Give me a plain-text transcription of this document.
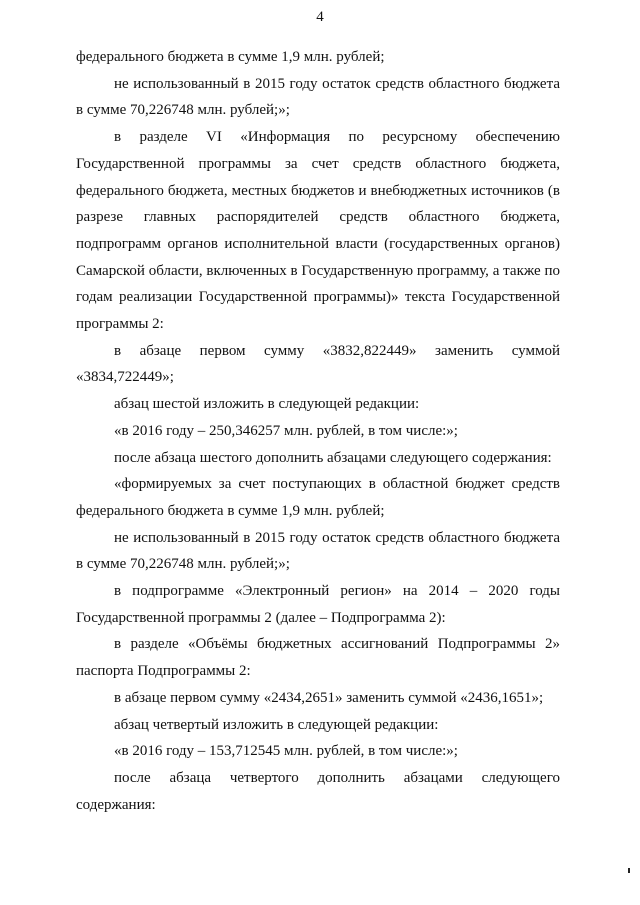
4

федерального бюджета в сумме 1,9 млн. рублей;

не использованный в 2015 году остаток средств областного бюджета в сумме 70,226748 млн. рублей;»;

в разделе VI «Информация по ресурсному обеспечению Государственной программы за счет средств областного бюджета, федерального бюджета, местных бюджетов и внебюджетных источников (в разрезе главных распорядителей средств областного бюджета, подпрограмм органов исполнительной власти (государственных органов) Самарской области, включенных в Государственную программу, а также по годам реализации Государственной программы)» текста Государственной программы 2:

в абзаце первом сумму «3832,822449» заменить суммой «3834,722449»;

абзац шестой изложить в следующей редакции:

«в 2016 году – 250,346257 млн. рублей, в том числе:»;

после абзаца шестого дополнить абзацами следующего содержания:

«формируемых за счет поступающих в областной бюджет средств федерального бюджета в сумме 1,9 млн. рублей;

не использованный в 2015 году остаток средств областного бюджета в сумме 70,226748 млн. рублей;»;

в подпрограмме «Электронный регион» на 2014 – 2020 годы Государственной программы 2 (далее – Подпрограмма 2):

в разделе «Объёмы бюджетных ассигнований Подпрограммы 2» паспорта Подпрограммы 2:

в абзаце первом сумму «2434,2651» заменить суммой «2436,1651»;

абзац четвертый изложить в следующей редакции:

«в 2016 году – 153,712545 млн. рублей, в том числе:»;

после абзаца четвертого дополнить абзацами следующего содержания:
